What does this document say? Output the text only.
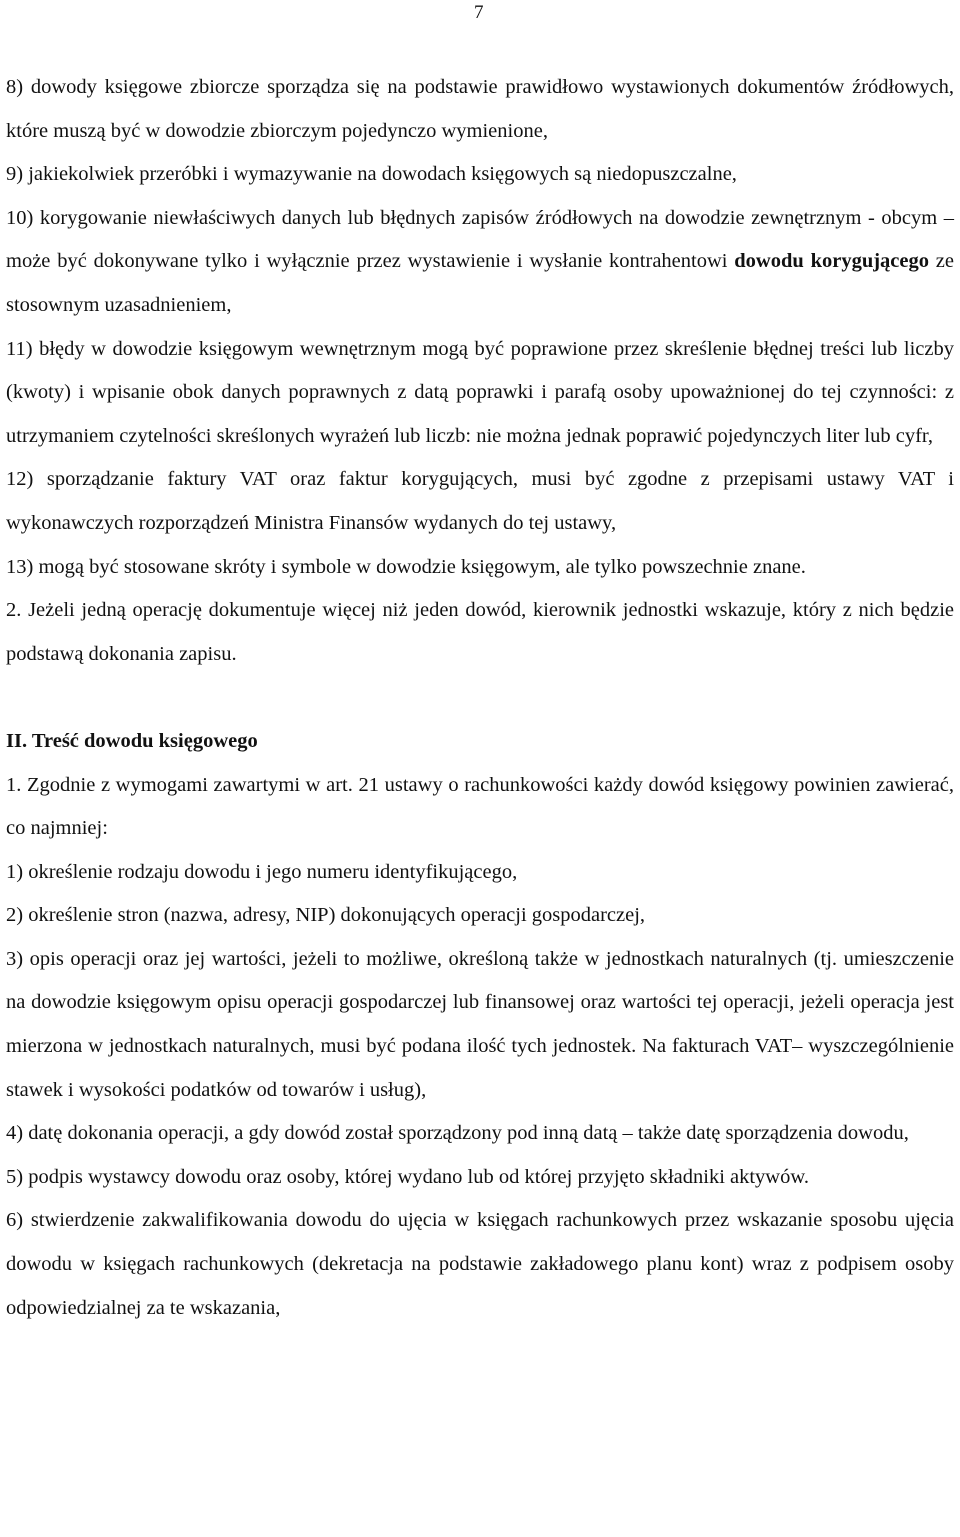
7

8) dowody księgowe zbiorcze sporządza się na podstawie prawidłowo wystawionych dokumentów źródłowych, które muszą być w dowodzie zbiorczym pojedynczo wymienione,

9) jakiekolwiek przeróbki i wymazywanie na dowodach księgowych są niedopuszczalne,

10) korygowanie niewłaściwych danych lub błędnych zapisów źródłowych na dowodzie zewnętrznym - obcym – może być dokonywane tylko i wyłącznie przez wystawienie i wysłanie kontrahentowi dowodu korygującego ze stosownym uzasadnieniem,

11) błędy w dowodzie księgowym wewnętrznym mogą być poprawione przez skreślenie błędnej treści lub liczby (kwoty) i wpisanie obok danych poprawnych z datą poprawki i parafą osoby upoważnionej do tej czynności: z utrzymaniem czytelności skreślonych wyrażeń lub liczb: nie można jednak poprawić pojedynczych liter lub cyfr,

12) sporządzanie faktury VAT oraz faktur korygujących, musi być zgodne z przepisami ustawy VAT i wykonawczych rozporządzeń Ministra Finansów wydanych do tej ustawy,

13) mogą być stosowane skróty i symbole w dowodzie księgowym, ale tylko powszechnie znane.

2. Jeżeli jedną operację dokumentuje więcej niż jeden dowód, kierownik jednostki wskazuje, który z nich będzie podstawą dokonania zapisu.

II. Treść dowodu księgowego

1. Zgodnie z wymogami zawartymi w art. 21 ustawy o rachunkowości każdy dowód księgowy powinien zawierać, co najmniej:

1) określenie rodzaju dowodu i jego numeru identyfikującego,

2) określenie stron (nazwa, adresy, NIP) dokonujących operacji gospodarczej,

3) opis operacji oraz jej wartości, jeżeli to możliwe, określoną także w jednostkach naturalnych (tj. umieszczenie na dowodzie księgowym opisu operacji gospodarczej lub finansowej oraz wartości tej operacji, jeżeli operacja jest mierzona w jednostkach naturalnych, musi być podana ilość tych jednostek. Na fakturach VAT– wyszczególnienie stawek i wysokości podatków od towarów i usług),

4) datę dokonania operacji, a gdy dowód został sporządzony pod inną datą – także datę sporządzenia dowodu,

5) podpis wystawcy dowodu oraz osoby, której wydano lub od której przyjęto składniki aktywów.

6) stwierdzenie zakwalifikowania dowodu do ujęcia w księgach rachunkowych przez wskazanie sposobu ujęcia dowodu w księgach rachunkowych (dekretacja na podstawie zakładowego planu kont) wraz z podpisem osoby odpowiedzialnej za te wskazania,
